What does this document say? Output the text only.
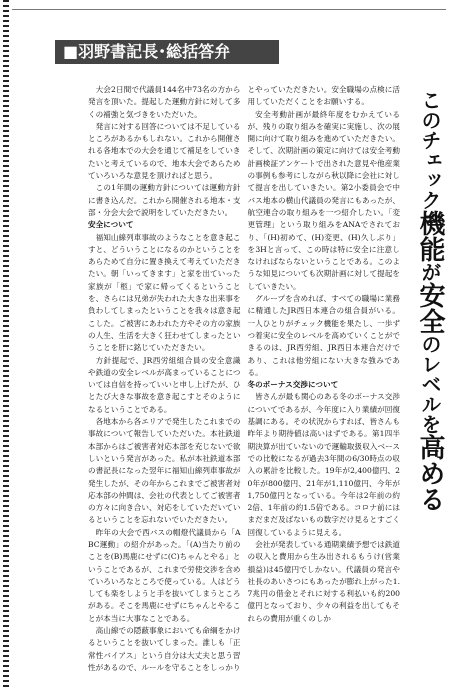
■羽野書記長･総括答弁

大会2日間で代議員144名中73名の方から発言を頂いた。提起した運動方針に対して多くの補強と気づきをいただいた。

発言に対する回答については不足しているところがあるかもしれない。これから開催される各地本での大会を通じて補足をしていきたいと考えているので、地本大会であらためていろいろな意見を頂ければと思う。

この1年間の運動方針については運動方針に書き込んだ。これから開催される地本・支部・分会大会で説明をしていただきたい。

安全について

福知山線列車事故のようなことを意き起こすと、どういうことになるのかということをあらためて自分に置き換えて考えていただきたい。朝「いってきます」と家を出ていった家族が「柩」で家に帰ってくるということを、さらには兄弟が失われた大きな出来事を負わしてしまったということを我々は意き起こした。ご被害にあわれた方やその方の家族の人生、生活を大きく狂わせてしまったということを肝に銘じていただきたい。

方針提起で、JR西労組組合員の安全意識や鉄道の安全レベルが高まっていることについては自信を持っていいと申し上げたが、ひとたび大きな事故を意き起こすとそのようになるということである。

各地本から各エリアで発生したこれまでの事故について報告していただいた。本社鉄道本部からはご被害者対応本部を充じないで欲しいという発言があった。私が本社鉄道本部の書記長になった翌年に福知山線列車事故が発生したが、その年からこれまでご被害者対応本部の仲間は、会社の代表としてご被害者の方々に向き合い、対応をしていただいているということを忘れないでいただきたい。

昨年の大会で西バスの帽燈代議員から「ABC運動」の紹介があった。「(A)当たり前のことを(B)馬鹿にせずに(C)ちゃんとやる」ということであるが、これまで労使交渉を含めていろいろなところで使っている。人はどうしても楽をしようと手を抜いてしまうところがある。そこを馬鹿にせずにちゃんとやることが本当に大事なことである。

高山線での隠蔽事象においても命綱をかけるということを抜いてしまった。誰しも「正常性バイアス」という自分は大丈夫と思う習性があるので、ルールを守ることをしっかりとやっていただきたい。安全職場の点検に活用していただくことをお願いする。

安全考動計画が最終年度をむかえているが、残りの取り組みを確実に実施し、次の展開に向けて取り組みを進めていただきたい。そして、次期計画の策定に向けては安全考動計画検証アンケートで出された意見や他産業の事例も参考にしながら秋以降に会社に対して提言を出していきたい。第2小委員会で中バス地本の横山代議員の発言にもあったが、航空連合の取り組みを一つ紹介したい。「変更管理」という取り組みをANAでされており、「(H)初めて、(H)変更、(H)久しぶり」を3Hと言って、この時は特に安全に注意しなければならないということである。このような知見についても次期計画に対して提起をしていきたい。

グループを含めれば、すべての職場に業務に精通したJR西日本連合の組合員がいる。一人ひとりがチェック機能を果たし、一歩ずつ着実に安全のレベルを高めていくことができるのは、JR西労組、JR西日本連合だけであり、これは他労組にない大きな強みである。

冬のボーナス交渉について

皆さんが最も関心のある冬のボーナス交渉についてであるが、今年度に入り業績が回復基調にある。その状況からすれば、皆さんも昨年より期待値は高いはずである。第1四半期決算が出ていないので運輸取扱収入ベースでの比較になるが過去3年間の6/30時点の収入の累計を比較した。19年が2,400億円、20年が800億円、21年が1,110億円、今年が1,750億円となっている。今年は2年前の約2倍、1年前の約1.5倍である。コロナ前にはまだまだ及ばないもの数字だけ見るとすごく回復しているように見える。

会社が発表している通期業績予想では鉄道の収入と費用から生み出されるもうけ(営業損益)は45億円でしかない。代議員の発言や社長のあいさつにもあったが膨れ上がった1.7兆円の借金とそれに対する利払いも約200億円となっており、少々の利益を出してもそれらの費用が重くのしか

このチェック機能が安全のレベルを高める
